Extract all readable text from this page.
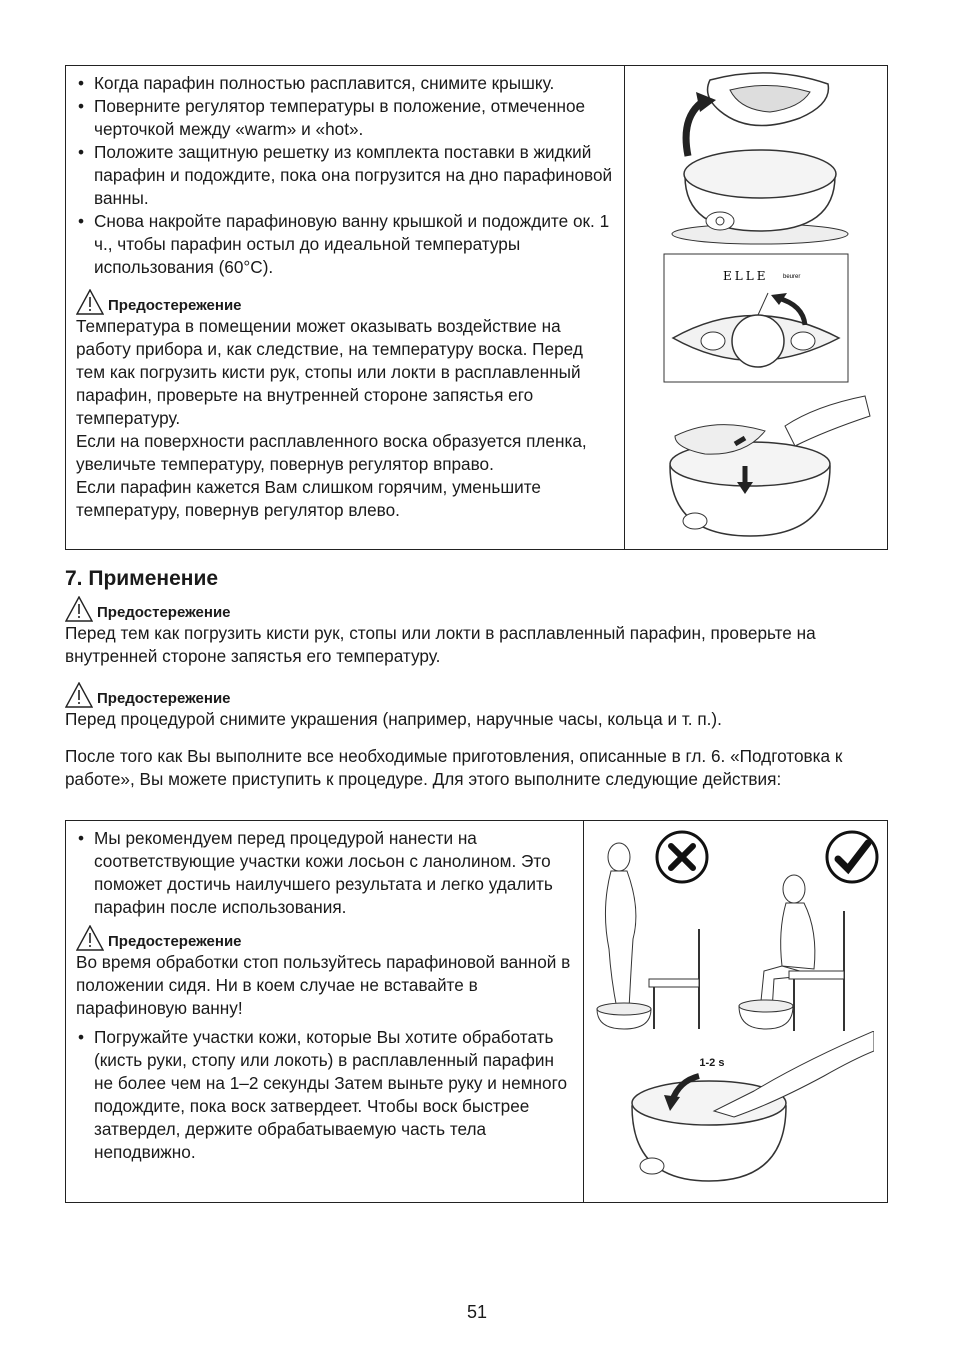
• Когда парафин полностью расплавится, снимите крышку.
• Поверните регулятор температуры в положение, отмеченное черточкой между «warm» и «hot».
• Положите защитную решетку из комплекта поставки в жидкий парафин и подождите, пока она погрузится на дно парафиновой ванны.
• Снова накройте парафиновую ванну крышкой и подождите ок. 1 ч., чтобы парафин остыл до идеальной температуры использования (60°С).
Предостережение
Температура в помещении может оказывать воздействие на работу прибора и, как следствие, на температуру воска. Перед тем как погрузить кисти рук, стопы или локти в расплавленный парафин, проверьте на внутренней стороне запястья его температуру.
Если на поверхности расплавленного воска образуется пленка, увеличьте температуру, повернув регулятор вправо.
Если парафин кажется Вам слишком горячим, уменьшите температуру, повернув регулятор влево.
ELLE beurer
7. Применение
Предостережение
Перед тем как погрузить кисти рук, стопы или локти в расплавленный парафин, проверьте на внутренней стороне запястья его температуру.
Предостережение
Перед процедурой снимите украшения (например, наручные часы, кольца и т. п.).
После того как Вы выполните все необходимые приготовления, описанные в гл. 6. «Подготовка к работе», Вы можете приступить к процедуре. Для этого выполните следующие действия:
• Мы рекомендуем перед процедурой нанести на соответствующие участки кожи лосьон с ланолином. Это поможет достичь наилучшего результата и легко удалить парафин после использования.
Предостережение
Во время обработки стоп пользуйтесь парафиновой ванной в положении сидя. Ни в коем случае не вставайте в парафиновую ванну!
• Погружайте участки кожи, которые Вы хотите обработать (кисть руки, стопу или локоть) в расплавленный парафин не более чем на 1–2 секунды Затем выньте руку и немного подождите, пока воск затвердеет. Чтобы воск быстрее затвердел, держите обрабатываемую часть тела неподвижно.
1-2 s
51
